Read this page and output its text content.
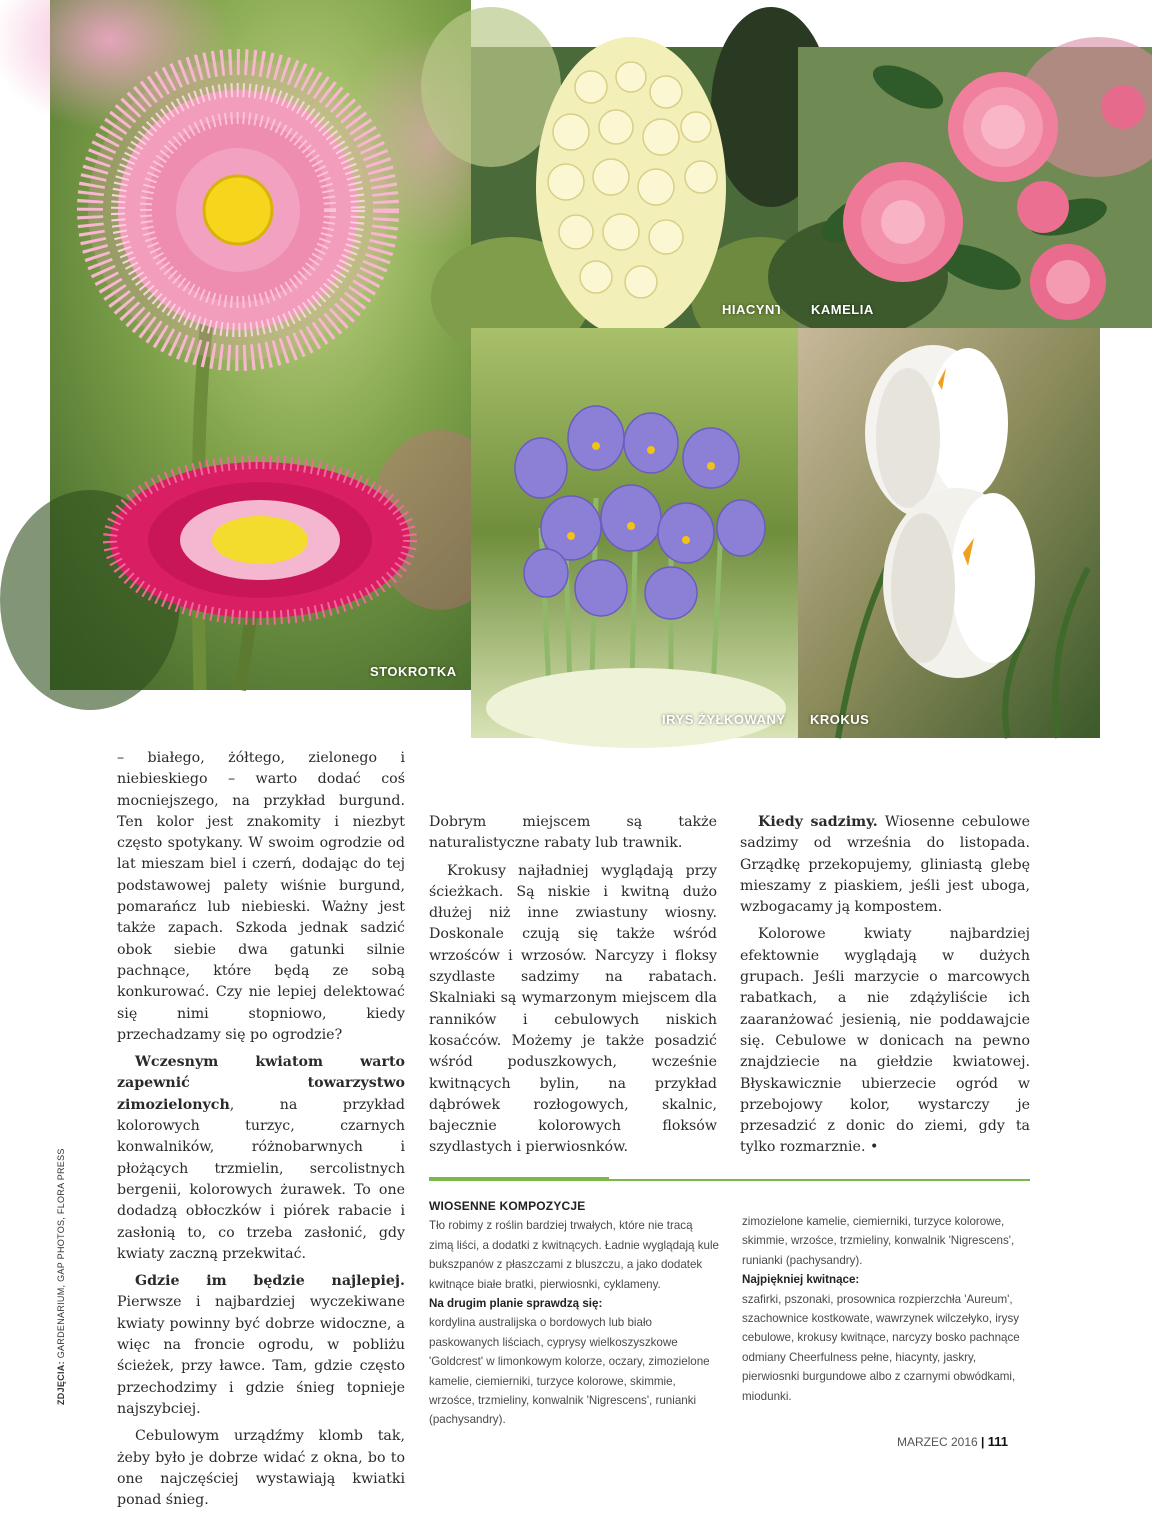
STOKROTKA
HIACYNT KAMELIA
IRYS ŻYŁKOWANY KROKUS

– białego, żółtego, zielonego i niebieskiego – warto dodać coś mocniejszego, na przykład burgund. Ten kolor jest znakomity i niezbyt często spotykany. W swoim ogrodzie od lat mieszam biel i czerń, dodając do tej podstawowej palety wiśnie burgund, pomarańcz lub niebieski. Ważny jest także zapach. Szkoda jednak sadzić obok siebie dwa gatunki silnie pachnące, które będą ze sobą konkurować. Czy nie lepiej delektować się nimi stopniowo, kiedy przechadzamy się po ogrodzie?

Wczesnym kwiatom warto zapewnić towarzystwo zimozielonych, na przykład kolorowych turzyc, czarnych konwalników, różnobarwnych i płożących trzmielin, sercolistnych bergenii, kolorowych żurawek. To one dodadzą obłoczków i piórek rabacie i zasłonią to, co trzeba zasłonić, gdy kwiaty zaczną przekwitać.

Gdzie im będzie najlepiej. Pierwsze i najbardziej wyczekiwane kwiaty powinny być dobrze widoczne, a więc na froncie ogrodu, w pobliżu ścieżek, przy ławce. Tam, gdzie często przechodzimy i gdzie śnieg topnieje najszybciej.

Cebulowym urządźmy klomb tak, żeby było je dobrze widać z okna, bo to one najczęściej wystawiają kwiatki ponad śnieg.

Dobrym miejscem są także naturalistyczne rabaty lub trawnik.

Krokusy najładniej wyglądają przy ścieżkach. Są niskie i kwitną dużo dłużej niż inne zwiastuny wiosny. Doskonale czują się także wśród wrzośców i wrzosów. Narcyzy i floksy szydlaste sadzimy na rabatach. Skalniaki są wymarzonym miejscem dla ranników i cebulowych niskich kosaćców. Możemy je także posadzić wśród poduszkowych, wcześnie kwitnących bylin, na przykład dąbrówek rozłogowych, skalnic, bajecznie kolorowych floksów szydlastych i pierwiosnków.

Kiedy sadzimy. Wiosenne cebulowe sadzimy od września do listopada. Grządkę przekopujemy, gliniastą glebę mieszamy z piaskiem, jeśli jest uboga, wzbogacamy ją kompostem.

Kolorowe kwiaty najbardziej efektownie wyglądają w dużych grupach. Jeśli marzycie o marcowych rabatkach, a nie zdążyliście ich zaaranżować jesienią, nie poddawajcie się. Cebulowe w donicach na pewno znajdziecie na giełdzie kwiatowej. Błyskawicznie ubierzecie ogród w przebojowy kolor, wystarczy je przesadzić z donic do ziemi, gdy ta tylko rozmarznie. •

WIOSENNE KOMPOZYCJE
Tło robimy z roślin bardziej trwałych, które nie tracą zimą liści, a dodatki z kwitnących. Ładnie wyglądają kule bukszpanów z płaszczami z bluszczu, a jako dodatek kwitnące białe bratki, pierwiosnki, cyklameny.
Na drugim planie sprawdzą się:
kordylina australijska o bordowych lub biało paskowanych liściach, cyprysy wielkoszyszkowe 'Goldcrest' w limonkowym kolorze, oczary, zimozielone kamelie, ciemierniki, turzyce kolorowe, skimmie, wrzośce, trzmieliny, konwalnik 'Nigrescens', runianki (pachysandry).
zimozielone kamelie, ciemierniki, turzyce kolorowe, skimmie, wrzośce, trzmieliny, konwalnik 'Nigrescens', runianki (pachysandry).
Najpiękniej kwitnące:
szafirki, pszonaki, prosownica rozpierzchła 'Aureum', szachownice kostkowate, wawrzynek wilczełyko, irysy cebulowe, krokusy kwitnące, narcyzy bosko pachnące odmiany Cheerfulness pełne, hiacynty, jaskry, pierwiosnki burgundowe albo z czarnymi obwódkami, miodunki.
ZDJĘCIA: GARDENARIUM, GAP PHOTOS, FLORA PRESS
MARZEC 2016 | 111
